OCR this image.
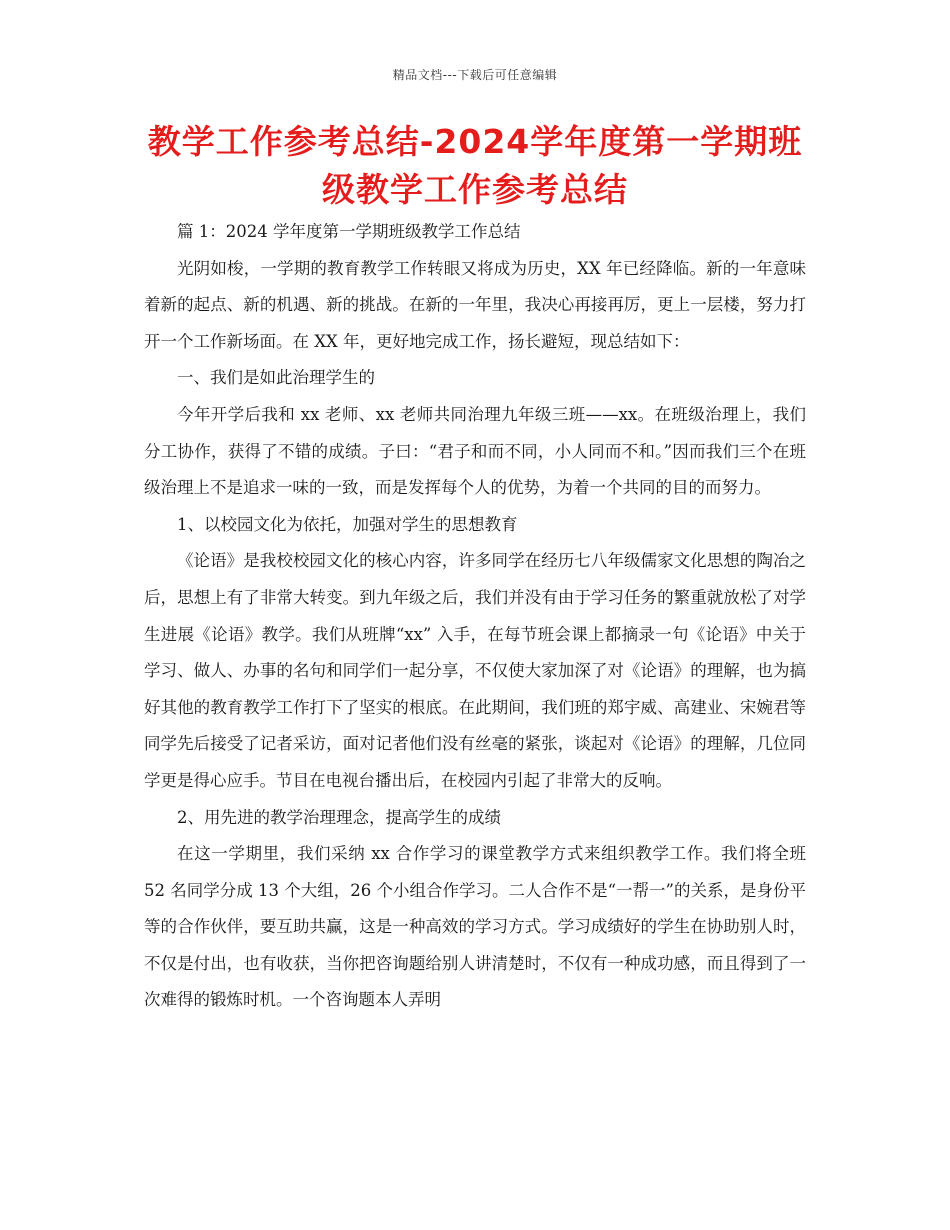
精品文档---下载后可任意编辑
教学工作参考总结-2024学年度第一学期班级教学工作参考总结

篇 1：2024 学年度第一学期班级教学工作总结

光阴如梭，一学期的教育教学工作转眼又将成为历史，XX 年已经降临。新的一年意味着新的起点、新的机遇、新的挑战。在新的一年里，我决心再接再厉，更上一层楼，努力打开一个工作新场面。在 XX 年，更好地完成工作，扬长避短，现总结如下：

一、我们是如此治理学生的

今年开学后我和 xx 老师、xx 老师共同治理九年级三班——xx。在班级治理上，我们分工协作，获得了不错的成绩。子曰：“君子和而不同，小人同而不和。”因而我们三个在班级治理上不是追求一味的一致，而是发挥每个人的优势，为着一个共同的目的而努力。

1、以校园文化为依托，加强对学生的思想教育

《论语》是我校校园文化的核心内容，许多同学在经历七八年级儒家文化思想的陶冶之后，思想上有了非常大转变。到九年级之后，我们并没有由于学习任务的繁重就放松了对学生进展《论语》教学。我们从班牌“xx” 入手，在每节班会课上都摘录一句《论语》中关于学习、做人、办事的名句和同学们一起分享，不仅使大家加深了对《论语》的理解，也为搞好其他的教育教学工作打下了坚实的根底。在此期间，我们班的郑宇威、高建业、宋婉君等同学先后接受了记者采访，面对记者他们没有丝毫的紧张，谈起对《论语》的理解，几位同学更是得心应手。节目在电视台播出后，在校园内引起了非常大的反响。

2、用先进的教学治理理念，提高学生的成绩

在这一学期里，我们采纳 xx 合作学习的课堂教学方式来组织教学工作。我们将全班 52 名同学分成 13 个大组，26 个小组合作学习。二人合作不是“一帮一”的关系，是身份平等的合作伙伴，要互助共赢，这是一种高效的学习方式。学习成绩好的学生在协助别人时，不仅是付出，也有收获，当你把咨询题给别人讲清楚时，不仅有一种成功感，而且得到了一次难得的锻炼时机。一个咨询题本人弄明
